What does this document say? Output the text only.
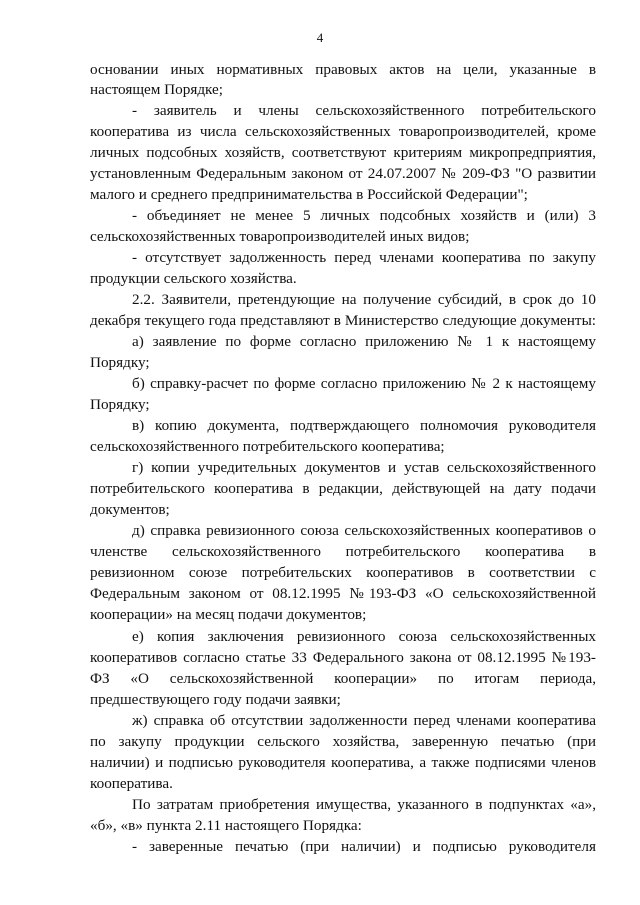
4

основании иных нормативных правовых актов на цели, указанные в

настоящем Порядке;

- заявитель и члены сельскохозяйственного потребительского

кооператива из числа сельскохозяйственных товаропроизводителей, кроме

личных подсобных хозяйств, соответствуют критериям микропредприятия,

установленным Федеральным законом от 24.07.2007 № 209-ФЗ "О развитии

малого и среднего предпринимательства в Российской Федерации";

- объединяет не менее 5 личных подсобных хозяйств и (или) 3

сельскохозяйственных товаропроизводителей иных видов;

- отсутствует задолженность перед членами кооператива по закупу

продукции сельского хозяйства.

2.2. Заявители, претендующие на получение субсидий, в срок до 10

декабря текущего года представляют в Министерство следующие документы:

а) заявление по форме согласно приложению № 1 к настоящему

Порядку;

б) справку-расчет по форме согласно приложению № 2 к настоящему

Порядку;

в) копию документа, подтверждающего полномочия руководителя

сельскохозяйственного потребительского кооператива;

г) копии учредительных документов и устав сельскохозяйственного

потребительского кооператива в редакции, действующей на дату подачи

документов;

д) справка ревизионного союза сельскохозяйственных кооперативов о

членстве сельскохозяйственного потребительского кооператива в

ревизионном союзе потребительских кооперативов в соответствии с

Федеральным законом от 08.12.1995 №193-ФЗ «О сельскохозяйственной

кооперации» на месяц подачи документов;

е) копия заключения ревизионного союза сельскохозяйственных

кооперативов согласно статье 33 Федерального закона от 08.12.1995 №193-

ФЗ «О сельскохозяйственной кооперации» по итогам периода,

предшествующего году подачи заявки;

ж) справка об отсутствии задолженности перед членами кооператива

по закупу продукции сельского хозяйства, заверенную печатью (при

наличии) и подписью руководителя кооператива, а также подписями членов

кооператива.

По затратам приобретения имущества, указанного в подпунктах «а»,

«б», «в» пункта 2.11 настоящего Порядка:

- заверенные печатью (при наличии) и подписью руководителя
